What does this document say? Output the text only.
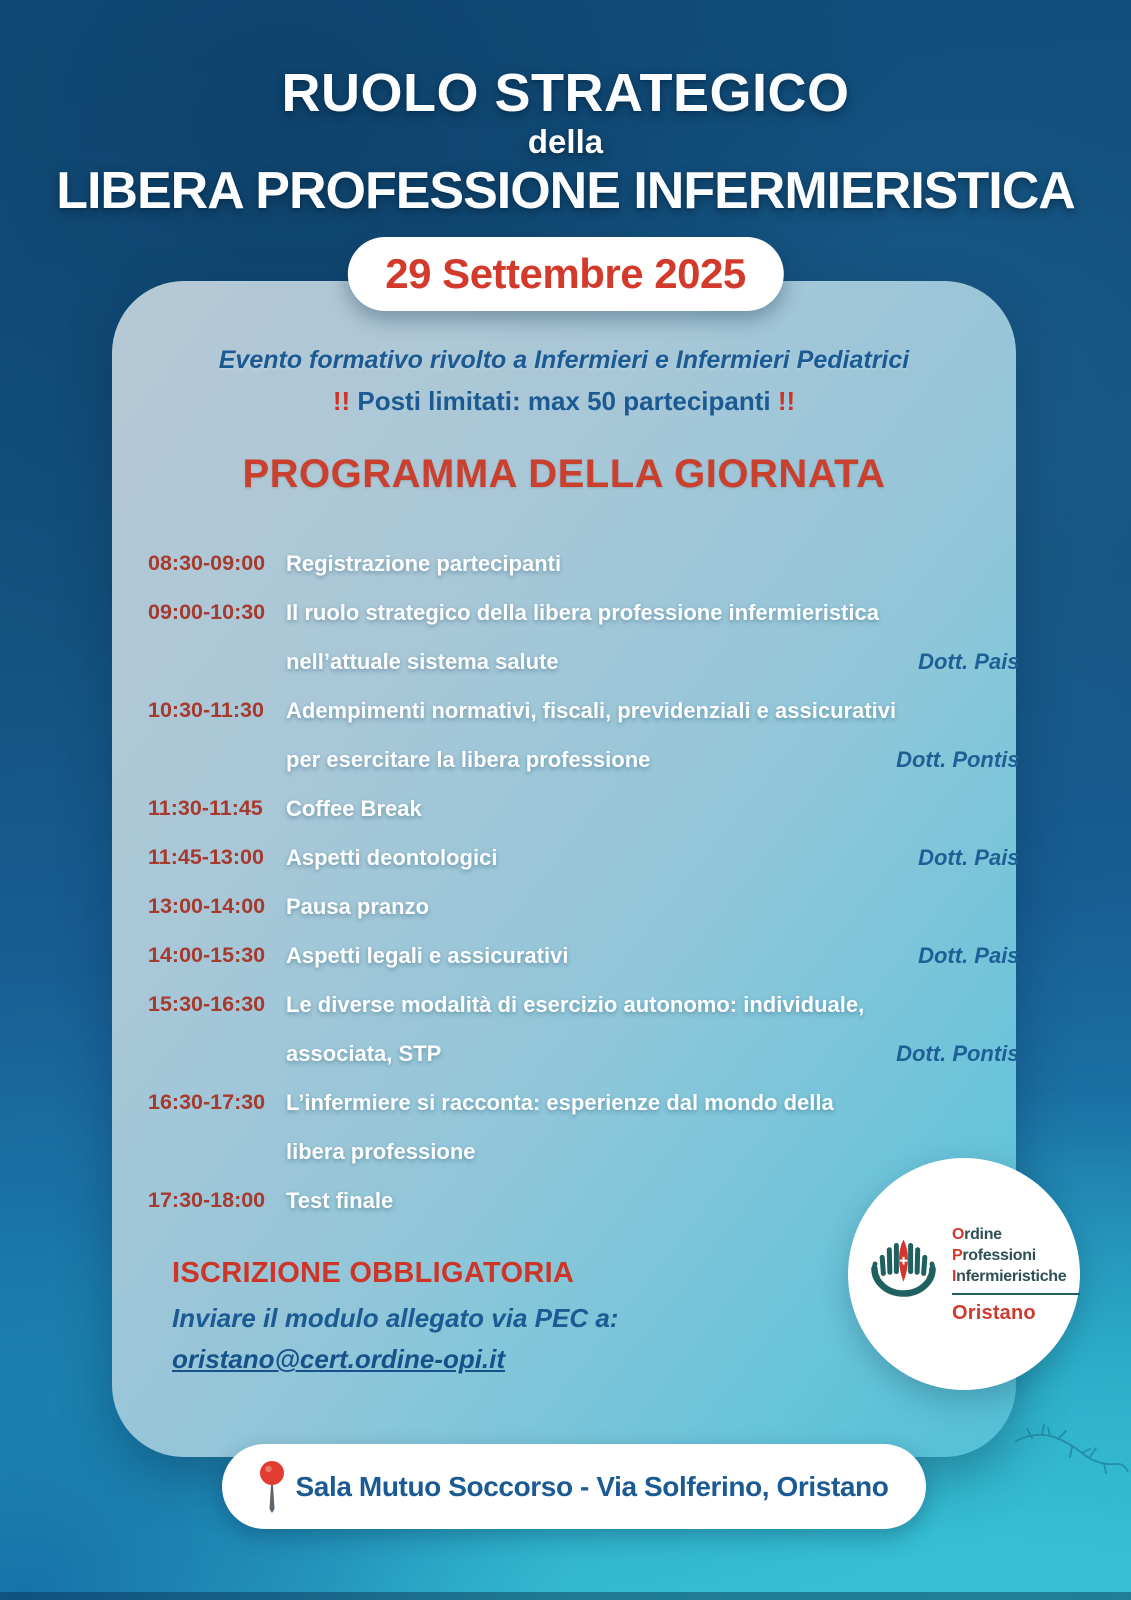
RUOLO STRATEGICO
della
LIBERA PROFESSIONE INFERMIERISTICA
29 Settembre 2025

Evento formativo rivolto a Infermieri e Infermieri Pediatrici

!! Posti limitati: max 50 partecipanti !!

PROGRAMMA DELLA GIORNATA
08:30-09:00 Registrazione partecipanti
09:00-10:30 Il ruolo strategico della libera professione infermieristica
nell’attuale sistema salute	Dott. Pais
10:30-11:30	Adempimenti normativi, fiscali, previdenziali e assicurativi
per esercitare la libera professione	Dott. Pontis
11:30-11:45	Coffee Break
11:45-13:00	Aspetti deontologici	Dott. Pais
13:00-14:00 Pausa pranzo
14:00-15:30 Aspetti legali e assicurativi	Dott. Pais
15:30-16:30 Le diverse modalità di esercizio autonomo: individuale,
associata, STP	Dott. Pontis
16:30-17:30 L’infermiere si racconta: esperienze dal mondo della
libera professione
17:30-18:00 Test finale
ISCRIZIONE OBBLIGATORIA

Inviare il modulo allegato via PEC a:

oristano@cert.ordine-opi.it
Ordine
Professioni
Infermieristiche
Oristano
Sala Mutuo Soccorso - Via Solferino, Oristano
